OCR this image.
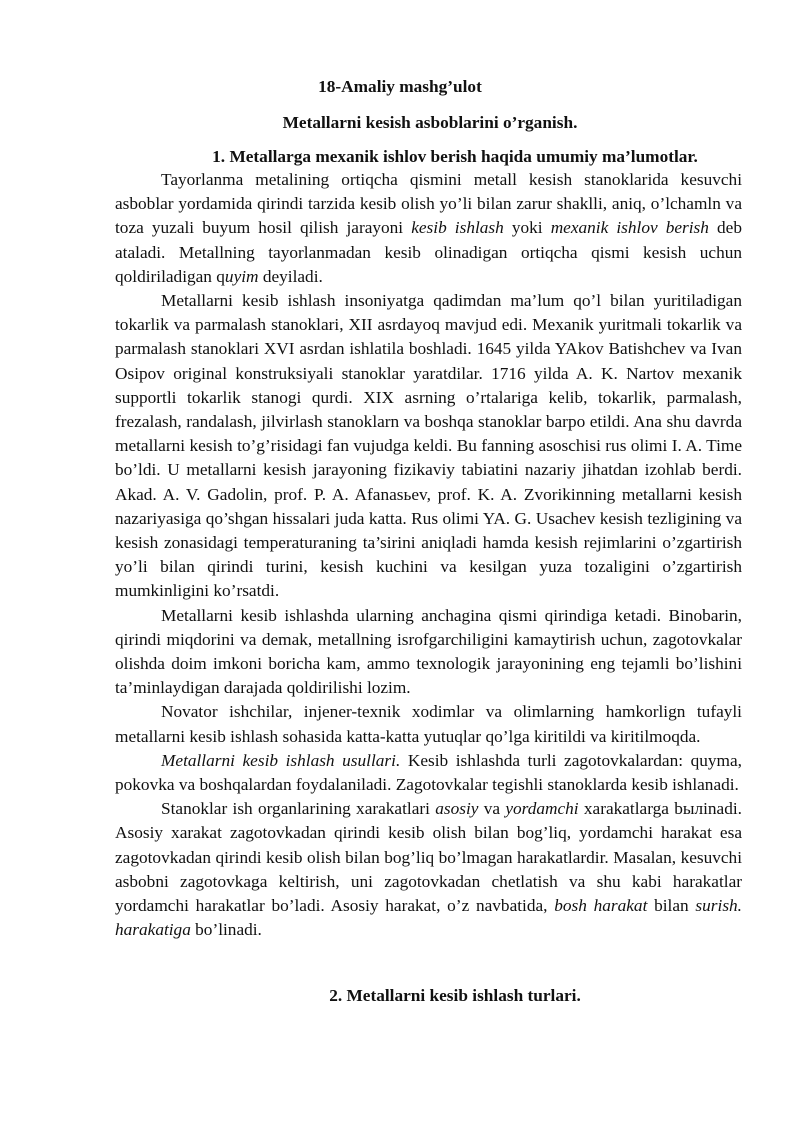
18-Amaliy mashg’ulot

Metallarni kesish asboblarini o’rganish.

1. Metallarga mexanik ishlov berish haqida umumiy ma’lumotlar.

Tayorlanma metalining ortiqcha qismini metall kesish stanoklarida kesuvchi asboblar yordamida qirindi tarzida kesib olish yo’li bilan zarur shaklli, aniq, o’lchamln va toza yuzali buyum hosil qilish jarayoni kesib ishlash yoki mexanik ishlov berish deb ataladi. Metallning tayorlanmadan kesib olinadigan ortiqcha qismi kesish uchun qoldiriladigan quyim deyiladi.

Metallarni kesib ishlash insoniyatga qadimdan ma’lum qo’l bilan yuritiladigan tokarlik va parmalash stanoklari, XII asrdayoq mavjud edi. Mexanik yuritmali tokarlik va parmalash stanoklari XVI asrdan ishlatila boshladi. 1645 yilda YAkov Batishchev va Ivan Osipov original konstruksiyali stanoklar yaratdilar. 1716 yilda A. K. Nartov mexanik supportli tokarlik stanogi qurdi. XIX asrning o’rtalariga kelib, tokarlik, parmalash, frezalash, randalash, jilvirlash stanoklarn va boshqa stanoklar barpo etildi. Ana shu davrda metallarni kesish to’g’risidagi fan vujudga keldi. Bu fanning asoschisi rus olimi I. A. Time bo’ldi. U metallarni kesish jarayoning fizikaviy tabiatini nazariy jihatdan izohlab berdi. Akad. A. V. Gadolin, prof. P. A. Afanasьev, prof. K. A. Zvorikinning metallarni kesish nazariyasiga qo’shgan hissalari juda katta. Rus olimi YA. G. Usachev kesish tezligining va kesish zonasidagi temperaturaning ta’sirini aniqladi hamda kesish rejimlarini o’zgartirish yo’li bilan qirindi turini, kesish kuchini va kesilgan yuza tozaligini o’zgartirish mumkinligini ko’rsatdi.

Metallarni kesib ishlashda ularning anchagina qismi qirindiga ketadi. Binobarin, qirindi miqdorini va demak, metallning isrofgarchiligini kamaytirish uchun, zagotovkalar olishda doim imkoni boricha kam, ammo texnologik jarayonining eng tejamli bo’lishini ta’minlaydigan darajada qoldirilishi lozim.

Novator ishchilar, injener-texnik xodimlar va olimlarning hamkorlign tufayli metallarni kesib ishlash sohasida katta-katta yutuqlar qo’lga kiritildi va kiritilmoqda.

Metallarni kesib ishlash usullari. Kesib ishlashda turli zagotovkalardan: quyma, pokovka va boshqalardan foydalaniladi. Zagotovkalar tegishli stanoklarda kesib ishlanadi.

Stanoklar ish organlarining xarakatlari asosiy va yordamchi xarakatlarga bылinadi. Asosiy xarakat zagotovkadan qirindi kesib olish bilan bog’liq, yordamchi harakat esa zagotovkadan qirindi kesib olish bilan bog’liq bo’lmagan harakatlardir. Masalan, kesuvchi asbobni zagotovkaga keltirish, uni zagotovkadan chetlatish va shu kabi harakatlar yordamchi harakatlar bo’ladi. Asosiy harakat, o’z navbatida, bosh harakat bilan surish. harakatiga bo’linadi.

2. Metallarni kesib ishlash turlari.
